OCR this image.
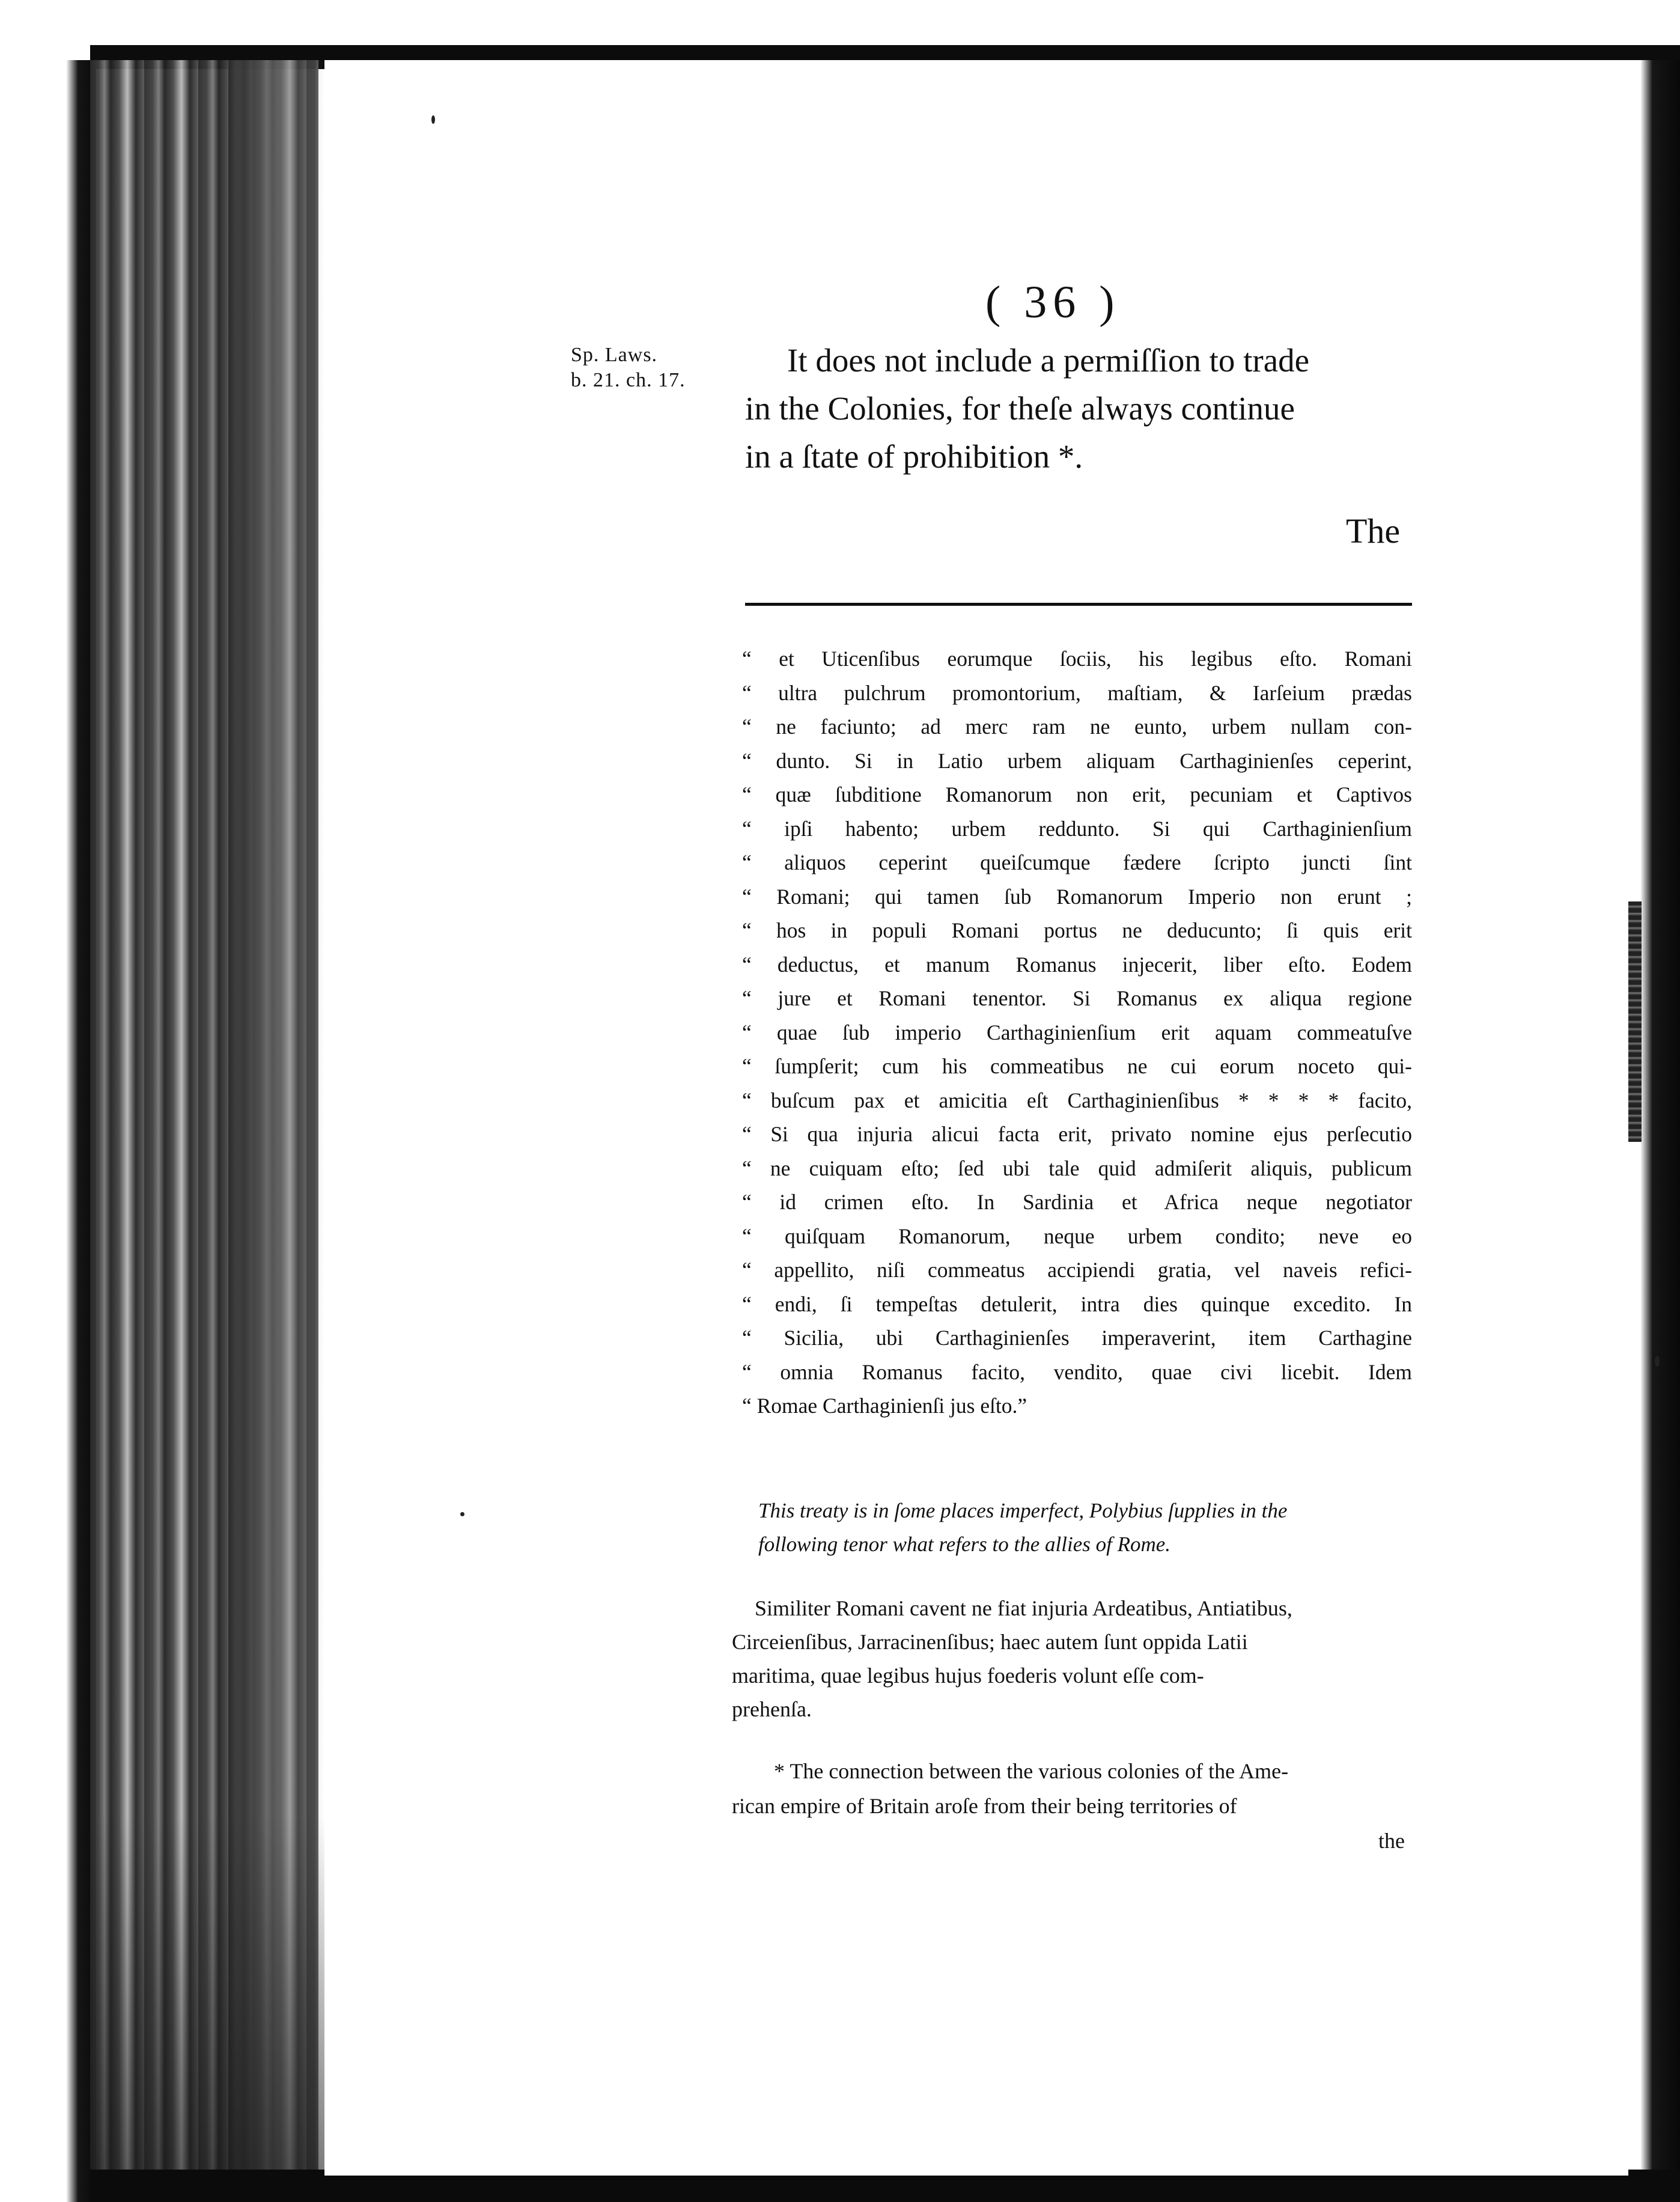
( 36 )
Sp. Laws.
b. 21. ch. 17.
It does not include a permiſſion to trade
in the Colonies, for theſe always continue
in a ſtate of prohibition *.
The
“ et Uticenſibus eorumque ſociis, his legibus eſto. Romani
“ ultra pulchrum promontorium, maſtiam, & Iarſeium prædas
“ ne faciunto; ad merc ram ne eunto, urbem nullam con-
“ dunto. Si in Latio urbem aliquam Carthaginienſes ceperint,
“ quæ ſubditione Romanorum non erit, pecuniam et Captivos
“ ipſi habento; urbem reddunto. Si qui Carthaginienſium
“ aliquos ceperint queiſcumque fædere ſcripto juncti ſint
“ Romani; qui tamen ſub Romanorum Imperio non erunt ;
“ hos in populi Romani portus ne deducunto; ſi quis erit
“ deductus, et manum Romanus injecerit, liber eſto. Eodem
“ jure et Romani tenentor. Si Romanus ex aliqua regione
“ quae ſub imperio Carthaginienſium erit aquam commeatuſve
“ ſumpſerit; cum his commeatibus ne cui eorum noceto qui-
“ buſcum pax et amicitia eſt Carthaginienſibus * * * * facito,
“ Si qua injuria alicui facta erit, privato nomine ejus perſecutio
“ ne cuiquam eſto; ſed ubi tale quid admiſerit aliquis, publicum
“ id crimen eſto. In Sardinia et Africa neque negotiator
“ quiſquam Romanorum, neque urbem condito; neve eo
“ appellito, niſi commeatus accipiendi gratia, vel naveis refici-
“ endi, ſi tempeſtas detulerit, intra dies quinque excedito. In
“ Sicilia, ubi Carthaginienſes imperaverint, item Carthagine
“ omnia Romanus facito, vendito, quae civi licebit. Idem
“ Romae Carthaginienſi jus eſto.”
This treaty is in ſome places imperfect, Polybius ſupplies in the
following tenor what refers to the allies of Rome.
Similiter Romani cavent ne fiat injuria Ardeatibus, Antiatibus,
Circeienſibus, Jarracinenſibus; haec autem ſunt oppida Latii
maritima, quae legibus hujus foederis volunt eſſe com-
prehenſa.
* The connection between the various colonies of the Ame-
rican empire of Britain aroſe from their being territories of
the
